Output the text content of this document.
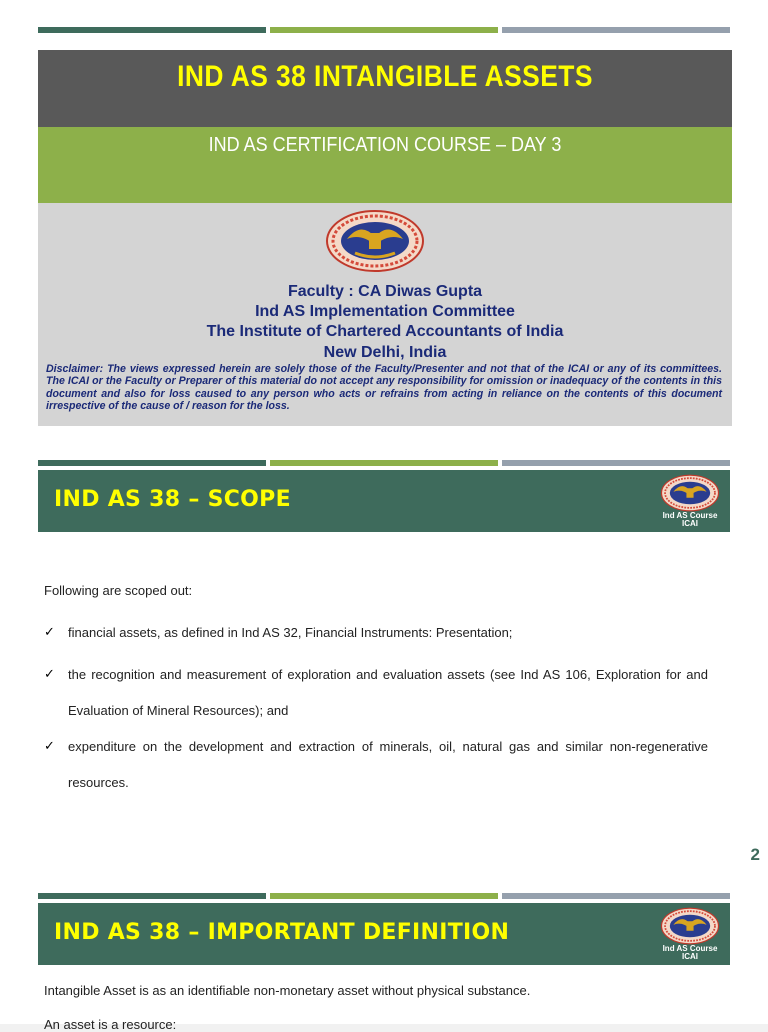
IND AS 38 INTANGIBLE ASSETS
IND AS CERTIFICATION COURSE – DAY 3
Faculty : CA Diwas Gupta
Ind AS Implementation Committee
The Institute of Chartered Accountants of India
New Delhi, India
Disclaimer: The views expressed herein are solely those of the Faculty/Presenter and not that of the ICAI or any of its committees. The ICAI or the Faculty or Preparer of this material do not accept any responsibility for omission or inadequacy of the contents in this document and also for loss caused to any person who acts or refrains from acting in reliance on the contents of this document irrespective of the cause of / reason for the loss.
IND AS 38 – SCOPE
Ind AS Course
ICAI
Following are scoped out:
✓ financial assets, as defined in Ind AS 32, Financial Instruments: Presentation;
✓ the recognition and measurement of exploration and evaluation assets (see Ind AS 106, Exploration for and Evaluation of Mineral Resources); and
✓ expenditure on the development and extraction of minerals, oil, natural gas and similar non-regenerative resources.
2
IND AS 38 – IMPORTANT DEFINITION
Ind AS Course
ICAI
Intangible Asset is as an identifiable non-monetary asset without physical substance.
An asset is a resource:
